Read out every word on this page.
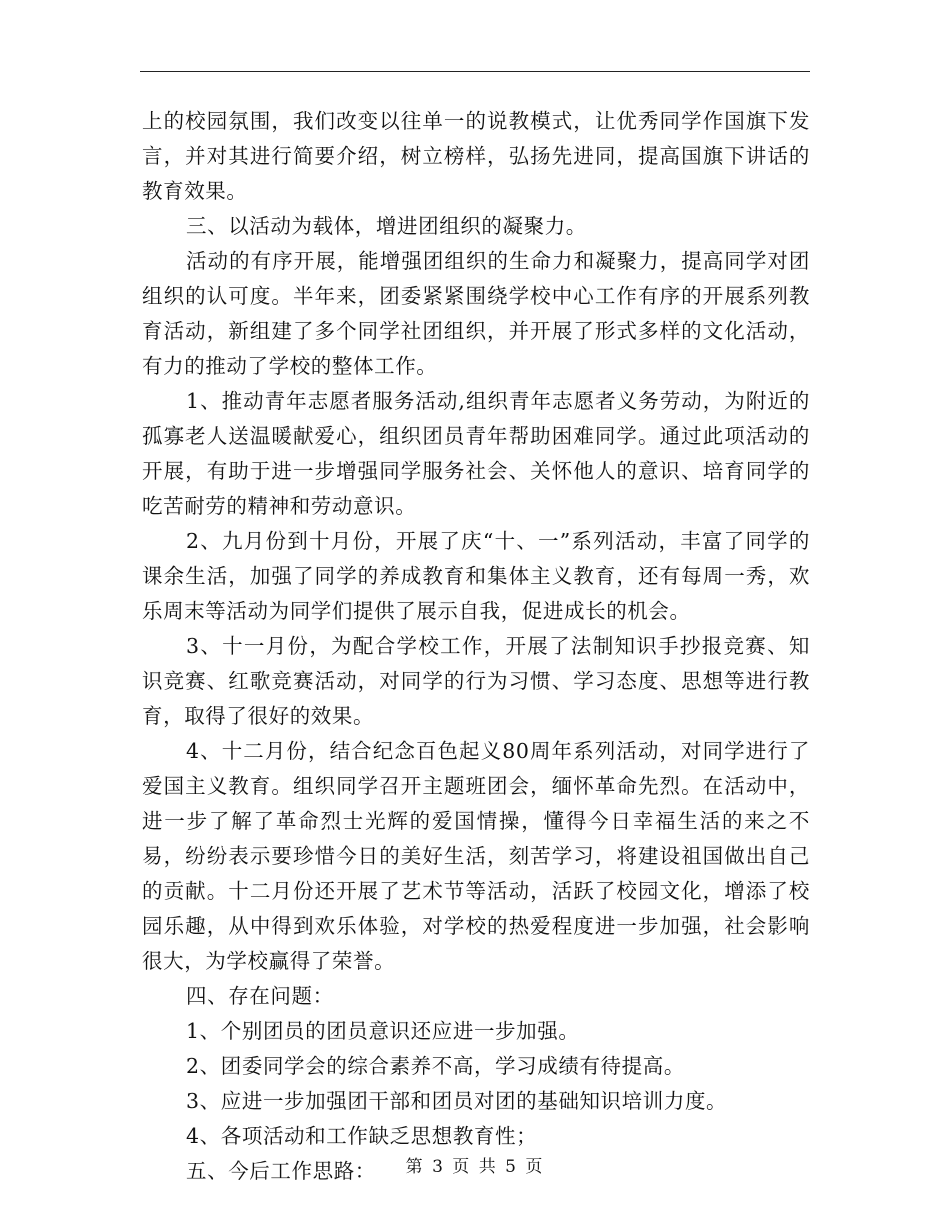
上的校园氛围，我们改变以往单一的说教模式，让优秀同学作国旗下发言，并对其进行简要介绍，树立榜样，弘扬先进同，提高国旗下讲话的教育效果。

三、以活动为载体，增进团组织的凝聚力。

活动的有序开展，能增强团组织的生命力和凝聚力，提高同学对团组织的认可度。半年来，团委紧紧围绕学校中心工作有序的开展系列教育活动，新组建了多个同学社团组织，并开展了形式多样的文化活动，有力的推动了学校的整体工作。

1、推动青年志愿者服务活动,组织青年志愿者义务劳动，为附近的孤寡老人送温暖献爱心，组织团员青年帮助困难同学。通过此项活动的开展，有助于进一步增强同学服务社会、关怀他人的意识、培育同学的吃苦耐劳的精神和劳动意识。

2、九月份到十月份，开展了庆“十、一”系列活动，丰富了同学的课余生活，加强了同学的养成教育和集体主义教育，还有每周一秀，欢乐周末等活动为同学们提供了展示自我，促进成长的机会。

3、十一月份，为配合学校工作，开展了法制知识手抄报竞赛、知识竞赛、红歌竞赛活动，对同学的行为习惯、学习态度、思想等进行教育，取得了很好的效果。

4、十二月份，结合纪念百色起义80周年系列活动，对同学进行了爱国主义教育。组织同学召开主题班团会，缅怀革命先烈。在活动中，进一步了解了革命烈士光辉的爱国情操，懂得今日幸福生活的来之不易，纷纷表示要珍惜今日的美好生活，刻苦学习，将建设祖国做出自己的贡献。十二月份还开展了艺术节等活动，活跃了校园文化，增添了校园乐趣，从中得到欢乐体验，对学校的热爱程度进一步加强，社会影响很大，为学校赢得了荣誉。

四、存在问题：

1、个别团员的团员意识还应进一步加强。

2、团委同学会的综合素养不高，学习成绩有待提高。

3、应进一步加强团干部和团员对团的基础知识培训力度。

4、各项活动和工作缺乏思想教育性；

五、今后工作思路：	第 3 页 共 5 页
